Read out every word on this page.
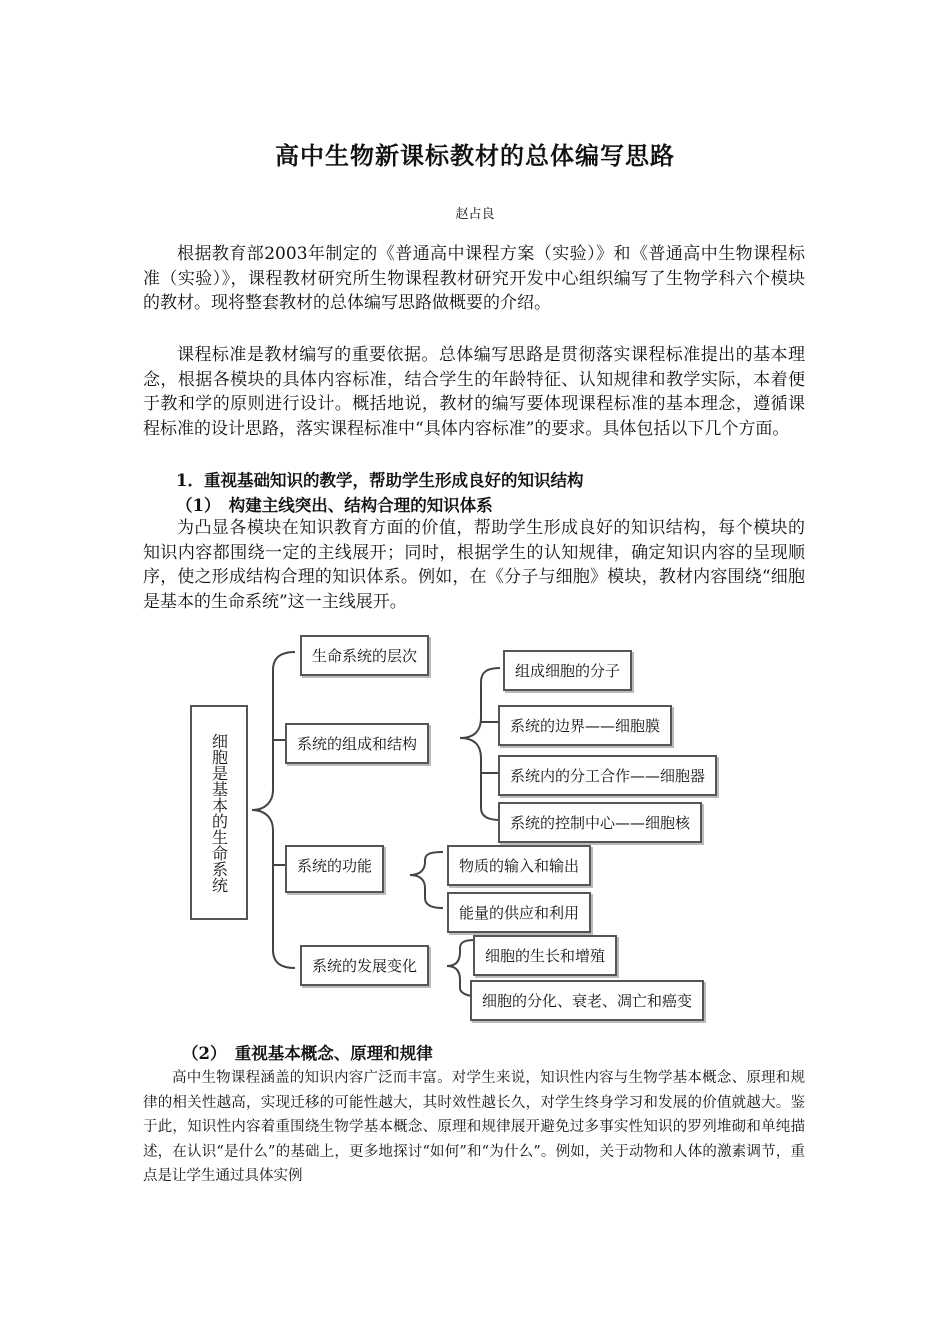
高中生物新课标教材的总体编写思路
赵占良

根据教育部2003年制定的《普通高中课程方案（实验）》和《普通高中生物课程标准（实验）》，课程教材研究所生物课程教材研究开发中心组织编写了生物学科六个模块的教材。现将整套教材的总体编写思路做概要的介绍。

课程标准是教材编写的重要依据。总体编写思路是贯彻落实课程标准提出的基本理念，根据各模块的具体内容标准，结合学生的年龄特征、认知规律和教学实际，本着便于教和学的原则进行设计。概括地说，教材的编写要体现课程标准的基本理念，遵循课程标准的设计思路，落实课程标准中“具体内容标准”的要求。具体包括以下几个方面。

1．重视基础知识的教学，帮助学生形成良好的知识结构
（1）　构建主线突出、结构合理的知识体系

为凸显各模块在知识教育方面的价值，帮助学生形成良好的知识结构，每个模块的知识内容都围绕一定的主线展开；同时，根据学生的认知规律，确定知识内容的呈现顺序，使之形成结构合理的知识体系。例如，在《分子与细胞》模块，教材内容围绕“细胞是基本的生命系统”这一主线展开。

细胞是基本的生命系统
生命系统的层次
系统的组成和结构
组成细胞的分子
系统的边界——细胞膜
系统内的分工合作——细胞器
系统的控制中心——细胞核
系统的功能	物质的输入和输出
能量的供应和利用
系统的发展变化
细胞的生长和增殖
细胞的分化、衰老、凋亡和癌变
（2）　重视基本概念、原理和规律

高中生物课程涵盖的知识内容广泛而丰富。对学生来说，知识性内容与生物学基本概念、原理和规律的相关性越高，实现迁移的可能性越大，其时效性越长久，对学生终身学习和发展的价值就越大。鉴于此，知识性内容着重围绕生物学基本概念、原理和规律展开避免过多事实性知识的罗列堆砌和单纯描述，在认识“是什么”的基础上，更多地探讨“如何”和“为什么”。例如，关于动物和人体的激素调节，重点是让学生通过具体实例
